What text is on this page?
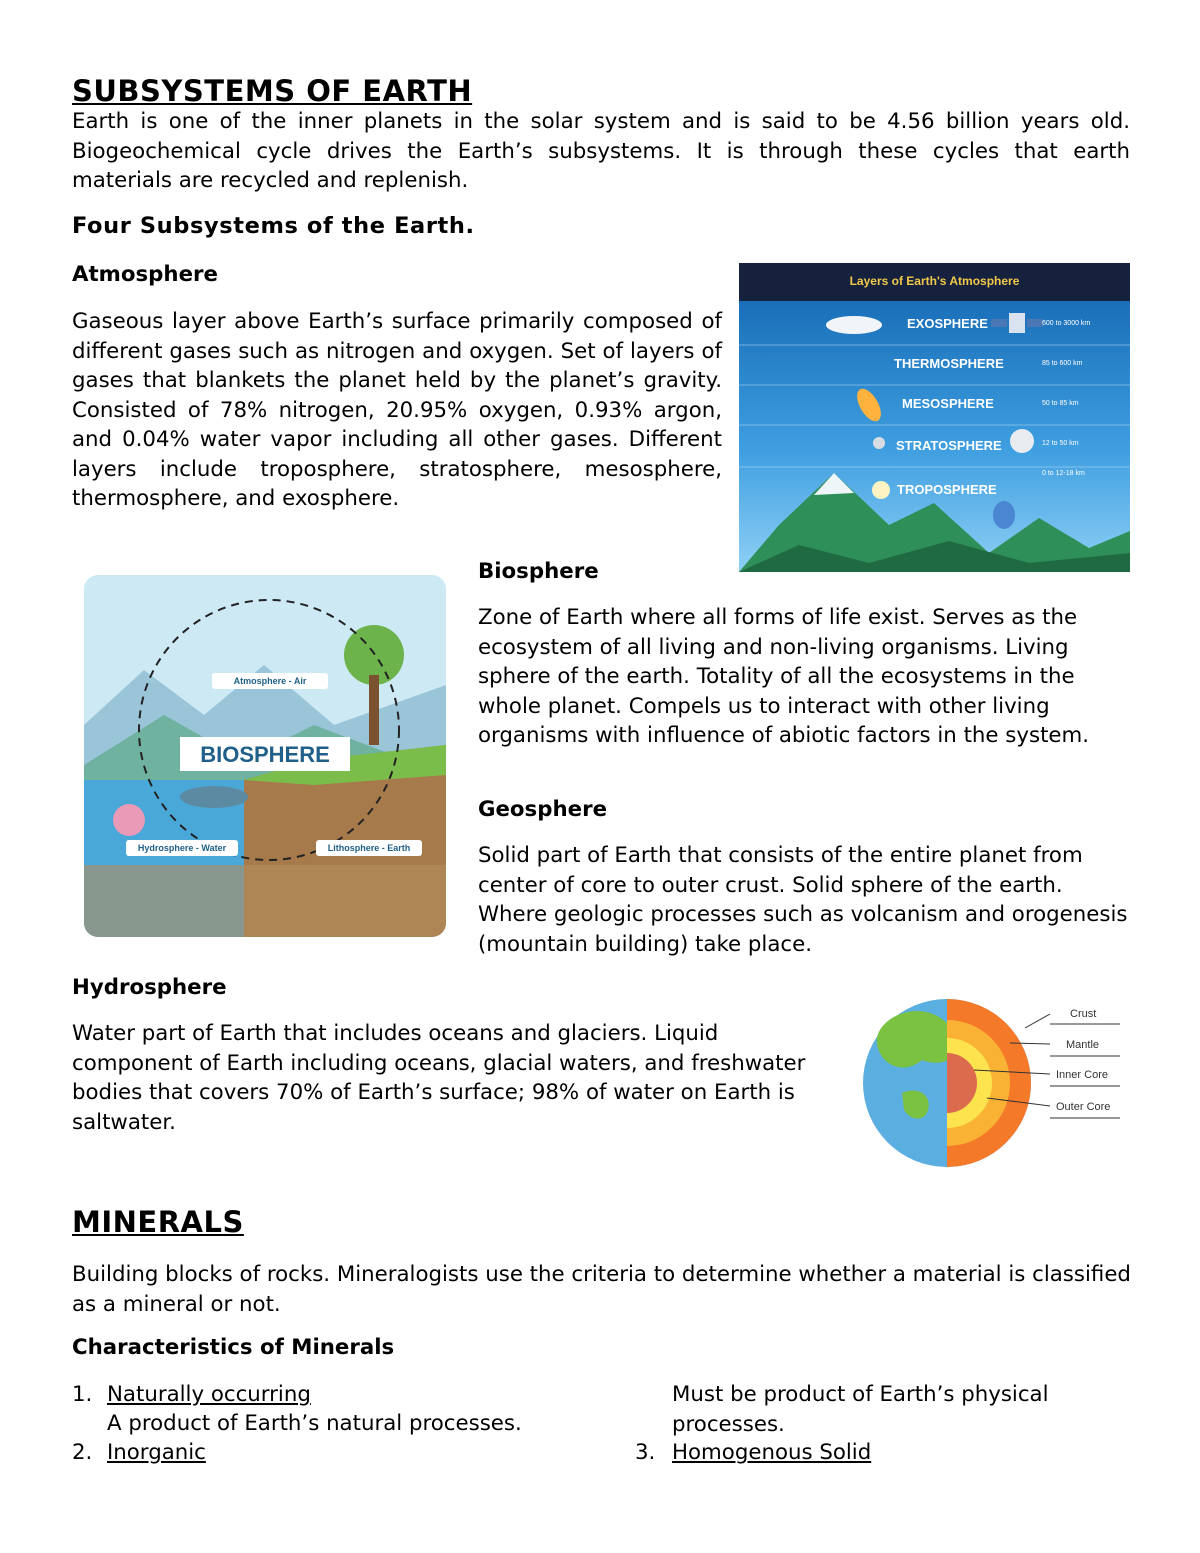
SUBSYSTEMS OF EARTH
Earth is one of the inner planets in the solar system and is said to be 4.56 billion years old. Biogeochemical cycle drives the Earth’s subsystems. It is through these cycles that earth materials are recycled and replenish.
Four Subsystems of the Earth.
Atmosphere
Gaseous layer above Earth’s surface primarily composed of different gases such as nitrogen and oxygen. Set of layers of gases that blankets the planet held by the planet’s gravity. Consisted of 78% nitrogen, 20.95% oxygen, 0.93% argon, and 0.04% water vapor including all other gases. Different layers include troposphere, stratosphere, mesosphere, thermosphere, and exosphere.
Layers of Earth's Atmosphere
EXOSPHERE
THERMOSPHERE
MESOSPHERE
STRATOSPHERE
TROPOSPHERE
600 to 3000 km
85 to 600 km
50 to 85 km
12 to 50 km
0 to 12-18 km
BIOSPHERE
Atmosphere - Air
Hydrosphere - Water	Lithosphere - Earth
Biosphere
Zone of Earth where all forms of life exist. Serves as the ecosystem of all living and non-living organisms. Living sphere of the earth. Totality of all the ecosystems in the whole planet. Compels us to interact with other living organisms with influence of abiotic factors in the system.
Geosphere
Solid part of Earth that consists of the entire planet from center of core to outer crust. Solid sphere of the earth. Where geologic processes such as volcanism and orogenesis (mountain building) take place.
Hydrosphere
Water part of Earth that includes oceans and glaciers. Liquid component of Earth including oceans, glacial waters, and freshwater bodies that covers 70% of Earth’s surface; 98% of water on Earth is saltwater.
Crust
Mantle
Inner Core
Outer Core
MINERALS
Building blocks of rocks. Mineralogists use the criteria to determine whether a material is classified as a mineral or not.
Characteristics of Minerals
1. Naturally occurring
A product of Earth’s natural processes.
2. Inorganic
Must be product of Earth’s physical processes.
3. Homogenous Solid
